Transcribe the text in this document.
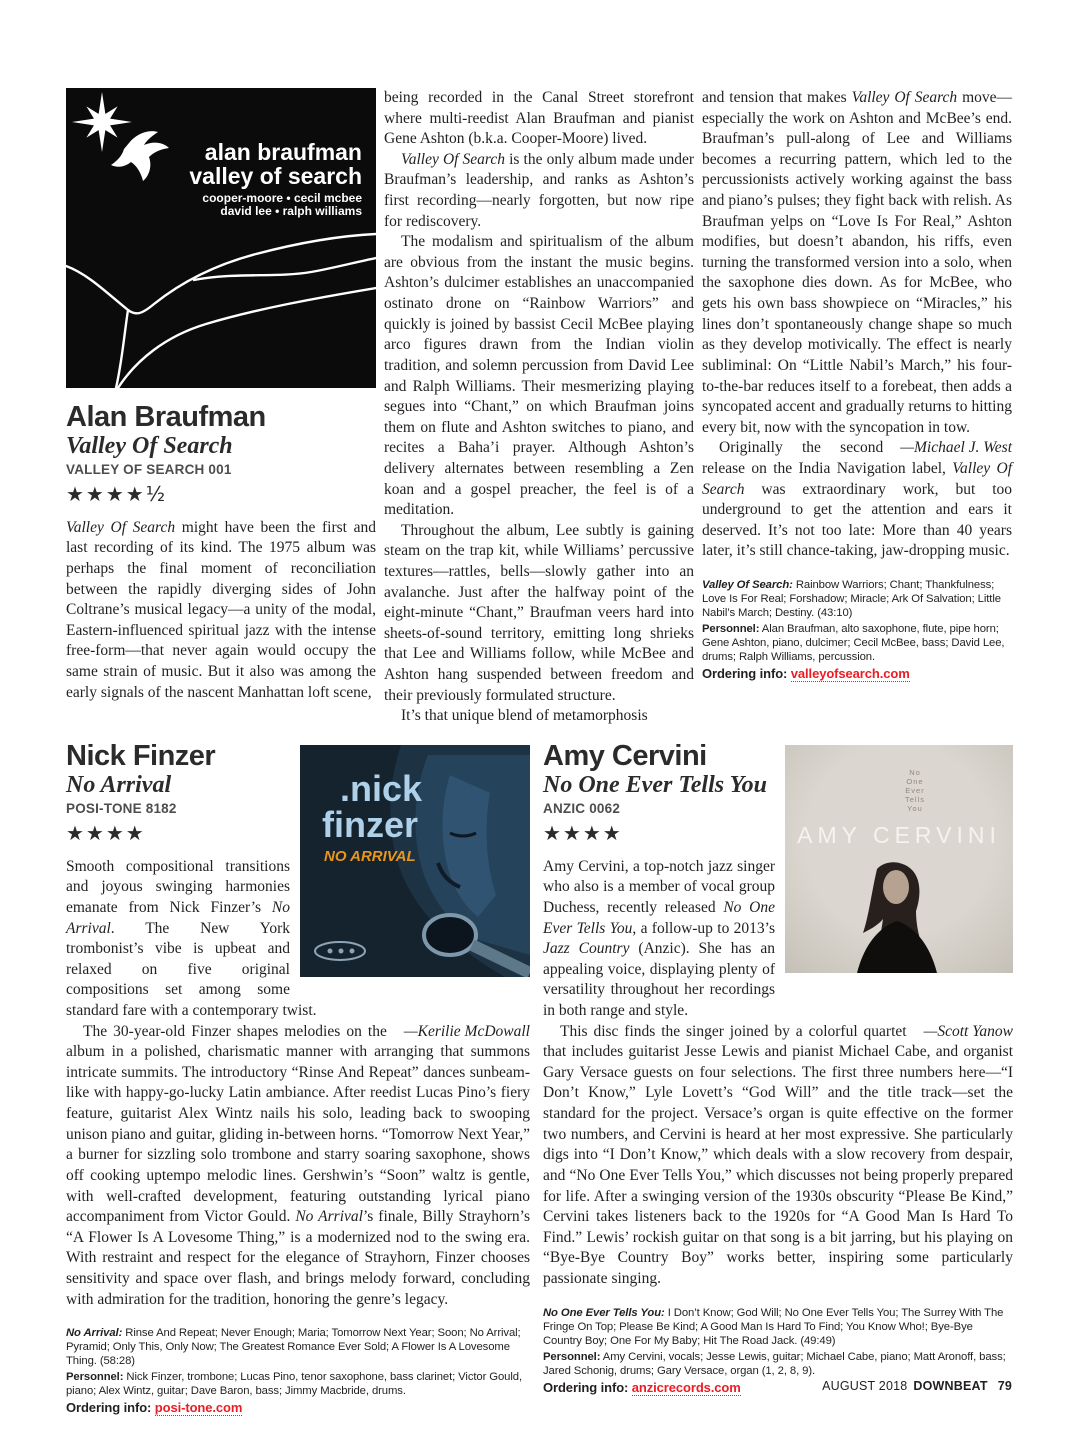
alan braufman
valley of search
cooper-moore • cecil mcbee
david lee • ralph williams

Alan Braufman

Valley Of Search

VALLEY OF SEARCH 001

★★★★½

Valley Of Search might have been the first and last recording of its kind. The 1975 album was perhaps the final moment of reconciliation between the rapidly diverging sides of John Coltrane’s musical legacy—a unity of the modal, Eastern-influenced spiritual jazz with the intense free-form—that never again would occupy the same strain of music. But it also was among the early signals of the nascent Manhattan loft scene,

being recorded in the Canal Street storefront where multi-reedist Alan Braufman and pianist Gene Ashton (b.k.a. Cooper-Moore) lived.

Valley Of Search is the only album made under Braufman’s leadership, and ranks as Ashton’s first recording—nearly forgotten, but now ripe for rediscovery.

The modalism and spiritualism of the album are obvious from the instant the music begins. Ashton’s dulcimer establishes an unaccompanied ostinato drone on “Rainbow Warriors” and quickly is joined by bassist Cecil McBee playing arco figures drawn from the Indian violin tradition, and solemn percussion from David Lee and Ralph Williams. Their mesmerizing playing segues into “Chant,” on which Braufman joins them on flute and Ashton switches to piano, and recites a Baha’i prayer. Although Ashton’s delivery alternates between resembling a Zen koan and a gospel preacher, the feel is of a meditation.

Throughout the album, Lee subtly is gaining steam on the trap kit, while Williams’ percussive textures—rattles, bells—slowly gather into an avalanche. Just after the halfway point of the eight-minute “Chant,” Braufman veers hard into sheets-of-sound territory, emitting long shrieks that Lee and Williams follow, while McBee and Ashton hang suspended between freedom and their previously formulated structure.

It’s that unique blend of metamorphosis

and tension that makes Valley Of Search move—especially the work on Ashton and McBee’s end. Braufman’s pull-along of Lee and Williams becomes a recurring pattern, which led to the percussionists actively working against the bass and piano’s pulses; they fight back with relish. As Braufman yelps on “Love Is For Real,” Ashton modifies, but doesn’t abandon, his riffs, even turning the transformed version into a solo, when the saxophone dies down. As for McBee, who gets his own bass showpiece on “Miracles,” his lines don’t spontaneously change shape so much as they develop motivically. The effect is nearly subliminal: On “Little Nabil’s March,” his four-to-the-bar reduces itself to a forebeat, then adds a syncopated accent and gradually returns to hitting every bit, now with the syncopation in tow.

—Michael J. West
Originally the second release on the India Navigation label, Valley Of Search was extraordinary work, but too underground to get the attention and ears it deserved. It’s not too late: More than 40 years later, it’s still chance-taking, jaw-dropping music.

Valley Of Search: Rainbow Warriors; Chant; Thankfulness; Love Is For Real; Forshadow; Miracle; Ark Of Salvation; Little Nabil’s March; Destiny. (43:10)

Personnel: Alan Braufman, alto saxophone, flute, pipe horn; Gene Ashton, piano, dulcimer; Cecil McBee, bass; David Lee, drums; Ralph Williams, percussion.

Ordering info: valleyofsearch.com

.nick
finzer
NO ARRIVAL

Nick Finzer

No Arrival

POSI-TONE 8182

★★★★

Smooth compositional transitions and joyous swinging harmonies emanate from Nick Finzer’s No Arrival. The New York trombonist’s vibe is upbeat and relaxed on five original compositions set among some standard fare with a contemporary twist.

—Kerilie McDowall
The 30-year-old Finzer shapes melodies on the album in a polished, charismatic manner with arranging that summons intricate summits. The introductory “Rinse And Repeat” dances sunbeam-like with happy-go-lucky Latin ambiance. After reedist Lucas Pino’s fiery feature, guitarist Alex Wintz nails his solo, leading back to swooping unison piano and guitar, gliding in-between horns. “Tomorrow Next Year,” a burner for sizzling solo trombone and starry soaring saxophone, shows off cooking uptempo melodic lines. Gershwin’s “Soon” waltz is gentle, with well-crafted development, featuring outstanding lyrical piano accompaniment from Victor Gould. No Arrival’s finale, Billy Strayhorn’s “A Flower Is A Lovesome Thing,” is a modernized nod to the swing era. With restraint and respect for the elegance of Strayhorn, Finzer chooses sensitivity and space over flash, and brings melody forward, concluding with admiration for the tradition, honoring the genre’s legacy.

No Arrival: Rinse And Repeat; Never Enough; Maria; Tomorrow Next Year; Soon; No Arrival; Pyramid; Only This, Only Now; The Greatest Romance Ever Sold; A Flower Is A Lovesome Thing. (58:28)

Personnel: Nick Finzer, trombone; Lucas Pino, tenor saxophone, bass clarinet; Victor Gould, piano; Alex Wintz, guitar; Dave Baron, bass; Jimmy Macbride, drums.

Ordering info: posi-tone.com

No
One
Ever
Tells
You
AMY CERVINI

Amy Cervini

No One Ever Tells You

ANZIC 0062

★★★★

Amy Cervini, a top-notch jazz singer who also is a member of vocal group Duchess, recently released No One Ever Tells You, a follow-up to 2013’s Jazz Country (Anzic). She has an appealing voice, displaying plenty of versatility throughout her recordings in both range and style.

—Scott Yanow
This disc finds the singer joined by a colorful quartet that includes guitarist Jesse Lewis and pianist Michael Cabe, and organist Gary Versace guests on four selections. The first three numbers here—“I Don’t Know,” Lyle Lovett’s “God Will” and the title track—set the standard for the project. Versace’s organ is quite effective on the former two numbers, and Cervini is heard at her most expressive. She particularly digs into “I Don’t Know,” which deals with a slow recovery from despair, and “No One Ever Tells You,” which discusses not being properly prepared for life. After a swinging version of the 1930s obscurity “Please Be Kind,” Cervini takes listeners back to the 1920s for “A Good Man Is Hard To Find.” Lewis’ rockish guitar on that song is a bit jarring, but his playing on “Bye-Bye Country Boy” works better, inspiring some particularly passionate singing.

No One Ever Tells You: I Don’t Know; God Will; No One Ever Tells You; The Surrey With The Fringe On Top; Please Be Kind; A Good Man Is Hard To Find; You Know Who!; Bye-Bye Country Boy; One For My Baby; Hit The Road Jack. (49:49)

Personnel: Amy Cervini, vocals; Jesse Lewis, guitar; Michael Cabe, piano; Matt Aronoff, bass; Jared Schonig, drums; Gary Versace, organ (1, 2, 8, 9).

Ordering info: anzicrecords.com	AUGUST 2018 DOWNBEAT 79
